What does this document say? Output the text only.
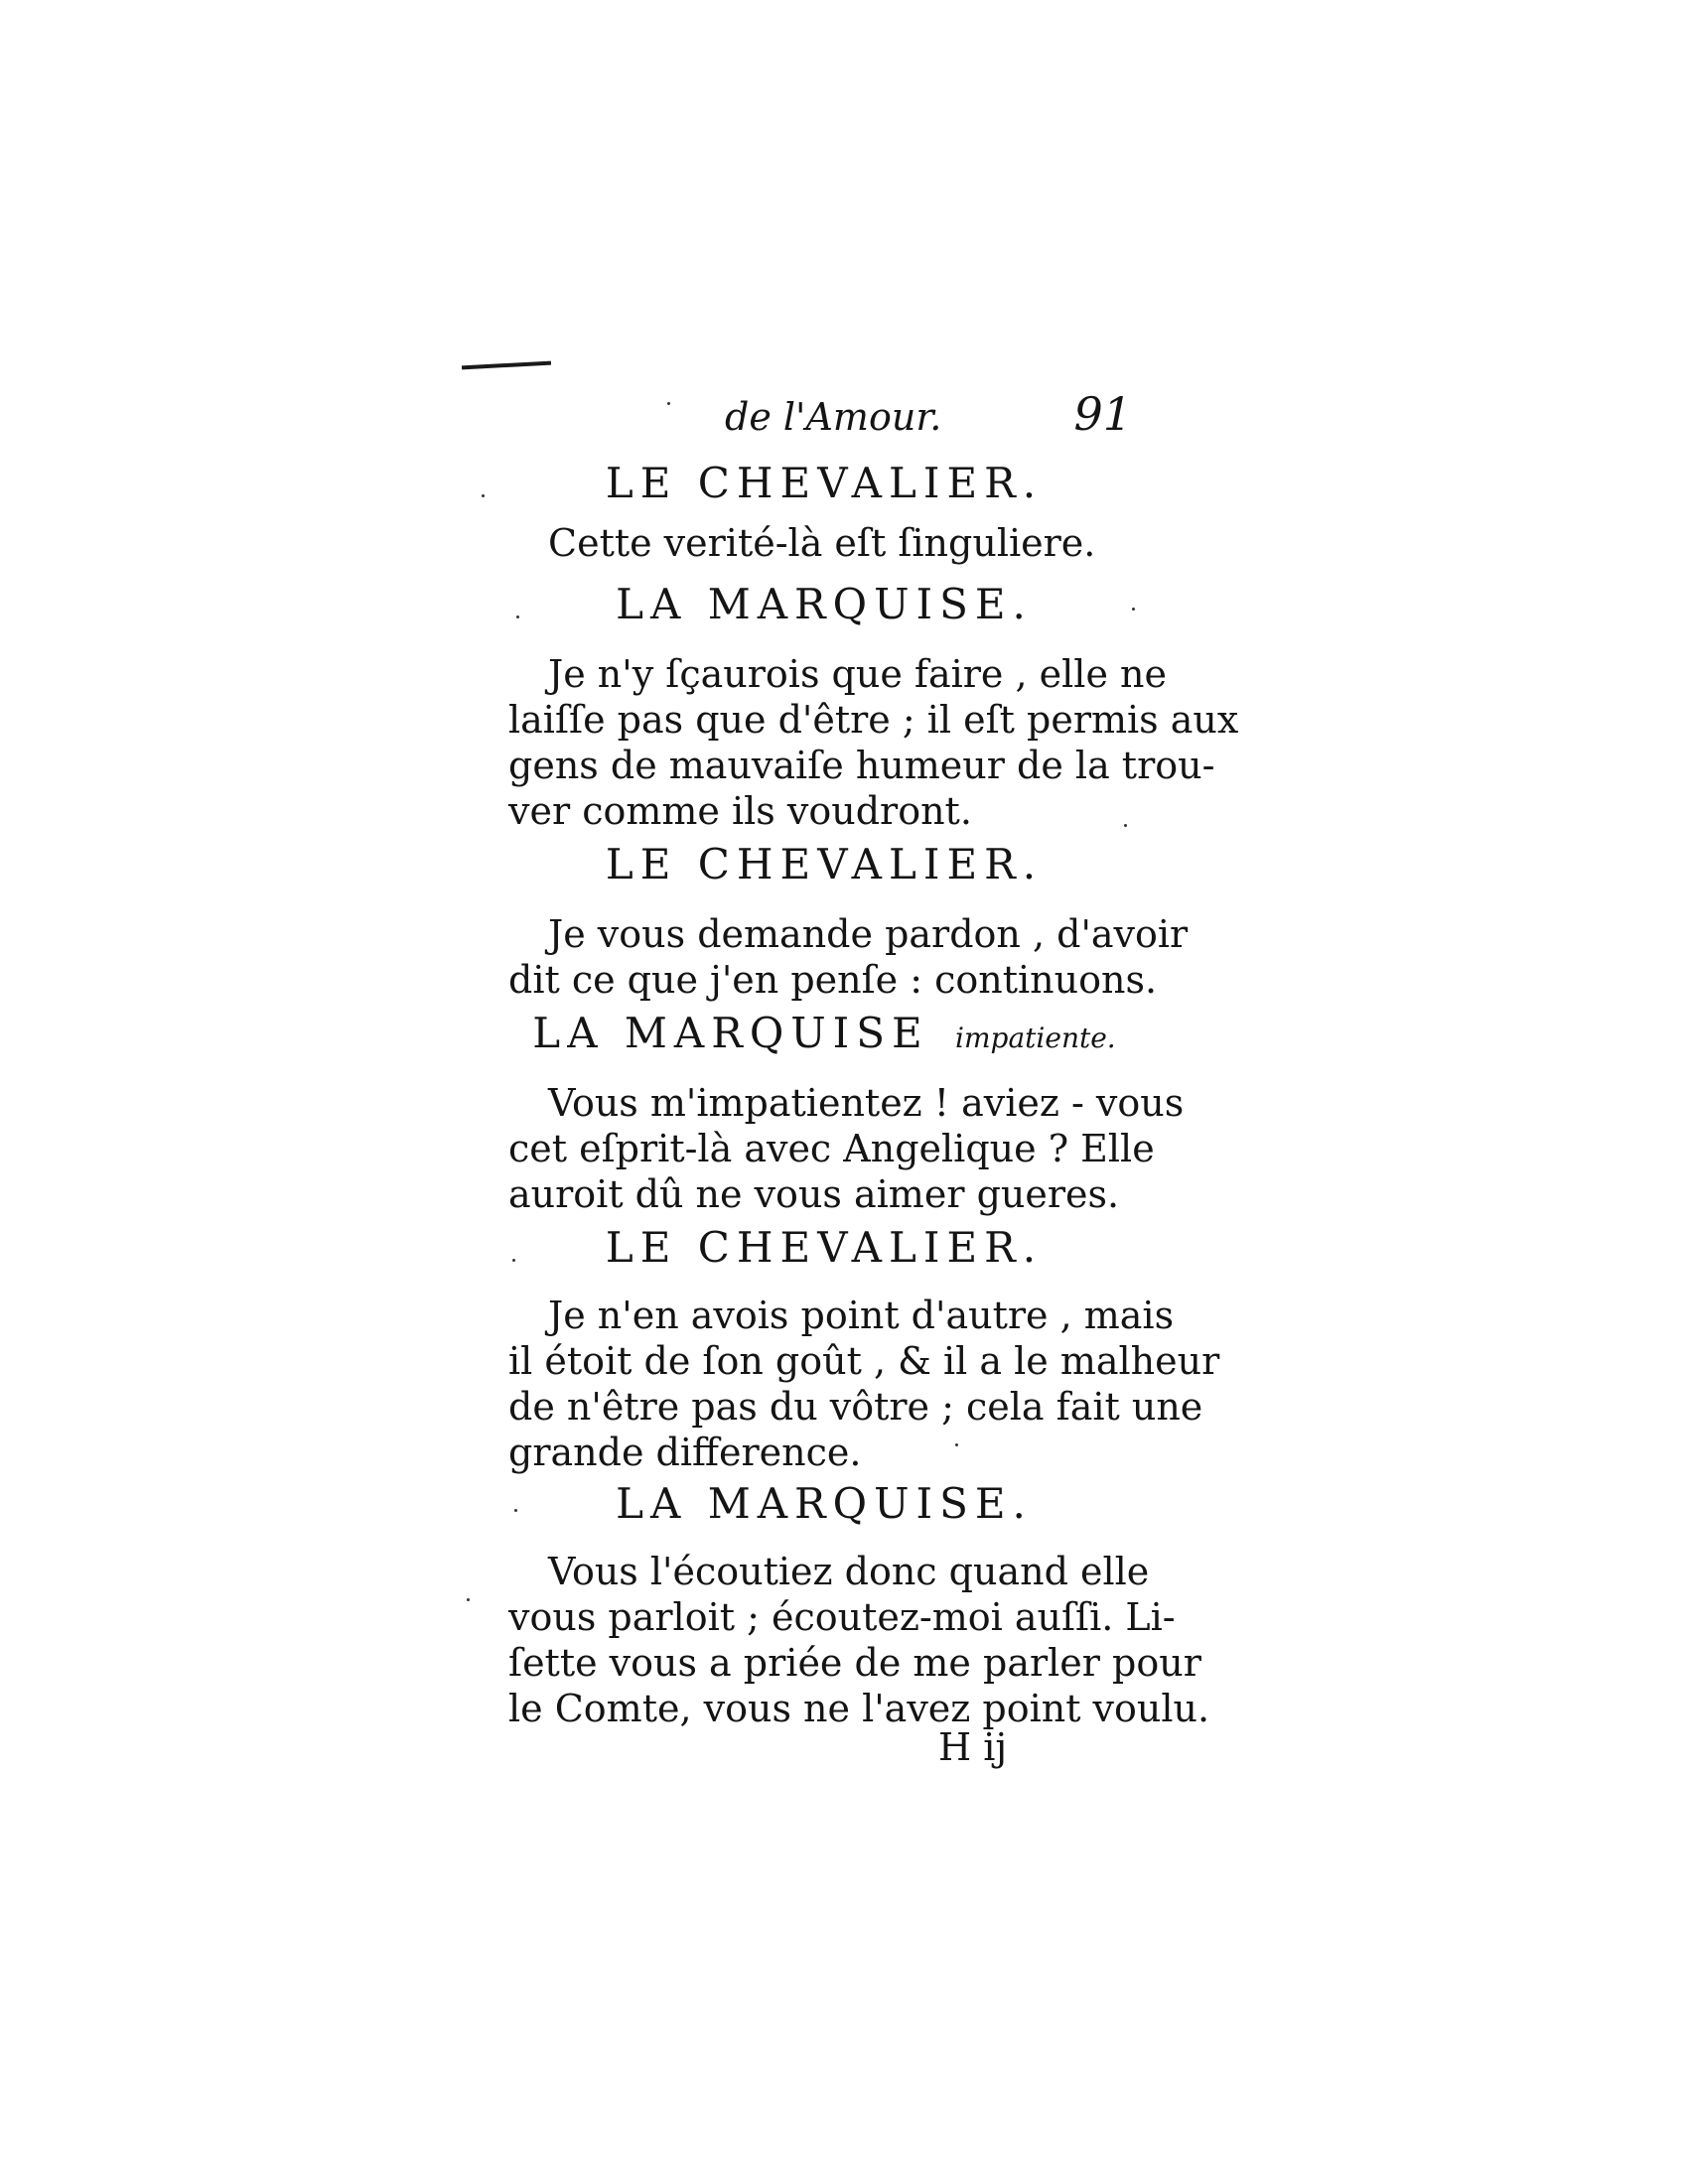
de l'Amour.	91
LE CHEVALIER.
Cette verité-là eſt ſinguliere.
LA MARQUISE.
Je n'y ſçaurois que faire , elle ne
laiſſe pas que d'être ; il eſt permis aux
gens de mauvaiſe humeur de la trou-
ver comme ils voudront.
LE CHEVALIER.
Je vous demande pardon , d'avoir
dit ce que j'en penſe : continuons.
LA MARQUISE impatiente.
Vous m'impatientez ! aviez - vous
cet eſprit-là avec Angelique ? Elle
auroit dû ne vous aimer gueres.
LE CHEVALIER.
Je n'en avois point d'autre , mais
il étoit de ſon goût , & il a le malheur
de n'être pas du vôtre ; cela fait une
grande difference.
LA MARQUISE.
Vous l'écoutiez donc quand elle
vous parloit ; écoutez-moi auſſi. Li-
ſette vous a priée de me parler pour
le Comte, vous ne l'avez point voulu.
H ij
